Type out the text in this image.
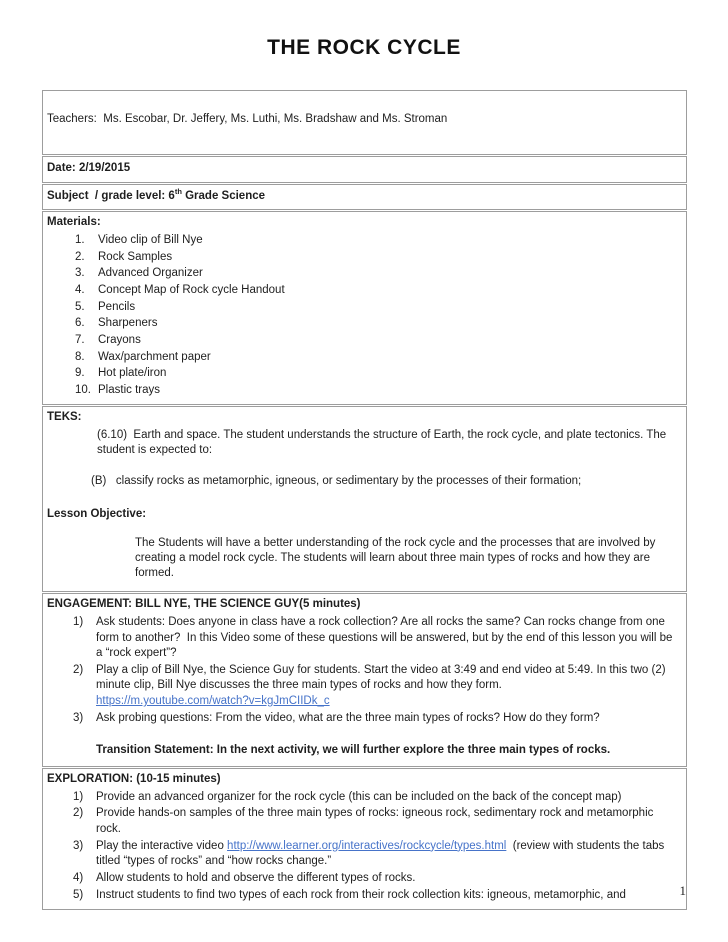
THE ROCK CYCLE

Teachers:  Ms. Escobar, Dr. Jeffery, Ms. Luthi, Ms. Bradshaw and Ms. Stroman

Date: 2/19/2015

Subject  / grade level: 6th Grade Science

Materials:

Video clip of Bill Nye
Rock Samples
Advanced Organizer
Concept Map of Rock cycle Handout
Pencils
Sharpeners
Crayons
Wax/parchment paper
Hot plate/iron
Plastic trays

TEKS:

(6.10)  Earth and space. The student understands the structure of Earth, the rock cycle, and plate tectonics. The student is expected to:

(B)   classify rocks as metamorphic, igneous, or sedimentary by the processes of their formation;

Lesson Objective:

The Students will have a better understanding of the rock cycle and the processes that are involved by creating a model rock cycle. The students will learn about three main types of rocks and how they are formed.

ENGAGEMENT: BILL NYE, THE SCIENCE GUY(5 minutes)

Ask students: Does anyone in class have a rock collection? Are all rocks the same? Can rocks change from one form to another?  In this Video some of these questions will be answered, but by the end of this lesson you will be a “rock expert”?
Play a clip of Bill Nye, the Science Guy for students. Start the video at 3:49 and end video at 5:49. In this two (2) minute clip, Bill Nye discusses the three main types of rocks and how they form.
https://m.youtube.com/watch?v=kgJmCIIDk_c
Ask probing questions: From the video, what are the three main types of rocks? How do they form?

Transition Statement: In the next activity, we will further explore the three main types of rocks.

EXPLORATION: (10-15 minutes)

Provide an advanced organizer for the rock cycle (this can be included on the back of the concept map)
Provide hands-on samples of the three main types of rocks: igneous rock, sedimentary rock and metamorphic rock.
Play the interactive video http://www.learner.org/interactives/rockcycle/types.html  (review with students the tabs titled “types of rocks” and “how rocks change.”
Allow students to hold and observe the different types of rocks.
Instruct students to find two types of each rock from their rock collection kits: igneous, metamorphic, and	1
